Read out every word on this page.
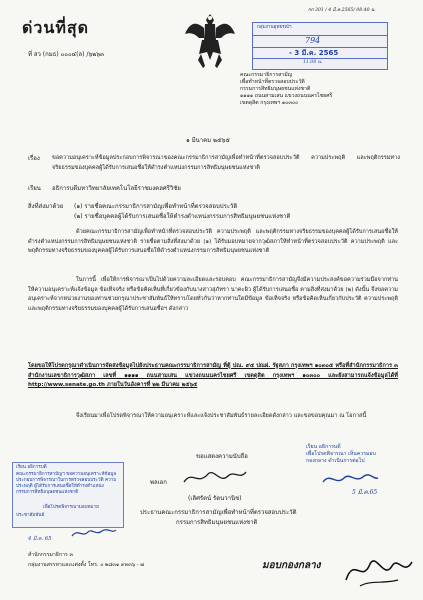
กก 301 / 4 มี.ค.2565/ 08.40 น.
ด่วนที่สุด
ที่ สว (กมธ) ๐๐๐๔(ล) /๖๒๖๓
กลุ่มงานอุทธรณ์ฯ
794
- 3 มี.ค. 2565
11.08 น.
คณะกรรมาธิการสามัญ
เพื่อทำหน้าที่ตรวจสอบประวัติ
กรรมการสิทธิมนุษยชนแห่งชาติ
๑๑๑๑ ถนนสามเสน แขวงถนนนครไชยศรี
เขตดุสิต กรุงเทพฯ ๑๐๓๐๐
๑ มีนาคม ๒๕๖๕
เรื่อง ขอความอนุเคราะห์ข้อมูลประกอบการพิจารณาของคณะกรรมาธิการสามัญเพื่อทำหน้าที่ตรวจสอบประวัติ ความประพฤติ และพฤติกรรมทางจริยธรรมของบุคคลผู้ได้รับการเสนอชื่อให้ดำรงตำแหน่งกรรมการสิทธิมนุษยชนแห่งชาติ
เรียน อธิการบดีมหาวิทยาลัยเทคโนโลยีราชมงคลศรีวิชัย
สิ่งที่ส่งมาด้วย (๑) รายชื่อคณะกรรมาธิการสามัญเพื่อทำหน้าที่ตรวจสอบประวัติ
(๒) รายชื่อบุคคลผู้ได้รับการเสนอชื่อให้ดำรงตำแหน่งกรรมการสิทธิมนุษยชนแห่งชาติ
ด้วยคณะกรรมาธิการสามัญเพื่อทำหน้าที่ตรวจสอบประวัติ ความประพฤติ และพฤติกรรมทางจริยธรรมของบุคคลผู้ได้รับการเสนอชื่อให้ดำรงตำแหน่งกรรมการสิทธิมนุษยชนแห่งชาติ รายชื่อตามสิ่งที่ส่งมาด้วย (๑) ได้รับมอบหมายจากวุฒิสภาให้ทำหน้าที่ตรวจสอบประวัติ ความประพฤติ และพฤติกรรมทางจริยธรรมของบุคคลผู้ได้รับการเสนอชื่อให้ดำรงตำแหน่งกรรมการสิทธิมนุษยชนแห่งชาติ
ในการนี้ เพื่อให้การพิจารณาเป็นไปด้วยความละเอียดและรอบคอบ คณะกรรมาธิการสามัญจึงมีความประสงค์ขอความร่วมมือจากท่านให้ความอนุเคราะห์แจ้งข้อมูล ข้อเท็จจริง หรือข้อคิดเห็นที่เกี่ยวข้องกับนางสาวสุภัทรา นาคะผิว ผู้ได้รับการเสนอชื่อ ตามสิ่งที่ส่งมาด้วย (๒) ดังนั้น จึงขอความอนุเคราะห์จากหน่วยงานของท่านช่วยกรุณาประชาสัมพันธ์ให้ทราบโดยทั่วกันว่าหากท่านใดมีข้อมูล ข้อเท็จจริง หรือข้อคิดเห็นเกี่ยวกับประวัติ ความประพฤติ และพฤติกรรมทางจริยธรรมของบุคคลผู้ได้รับการเสนอชื่อฯ ดังกล่าว
โดยขอให้โปรดกรุณาดำเนินการจัดส่งข้อมูลไปยังประธานคณะกรรมาธิการสามัญ ที่ตู้ ปณ. ๙๕ ปณฝ. รัฐสภา กรุงเทพฯ ๑๐๓๐๕ หรือที่สำนักกรรมาธิการ ๓ สำนักงานเลขาธิการวุฒิสภา เลขที่ ๑๑๑๑ ถนนสามเสน แขวงถนนนครไชยศรี เขตดุสิต กรุงเทพฯ ๑๐๓๐๐ และยังสามารถแจ้งข้อมูลได้ที่ http://www.senate.go.th ภายในวันอังคารที่ ๒๒ มีนาคม ๒๕๖๕
จึงเรียนมาเพื่อโปรดพิจารณาให้ความอนุเคราะห์และแจ้งประชาสัมพันธ์รายละเอียดดังกล่าว และขอขอบคุณมา ณ โอกาสนี้
เรียน อธิการบดี
คณะกรรมาธิการสามัญฯ ขอความอนุเคราะห์ข้อมูลประกอบการพิจารณาในการตรวจสอบประวัติ ความประพฤติ ผู้ได้รับการเสนอชื่อให้ดำรงตำแหน่งกรรมการสิทธิมนุษยชนแห่งชาติ
เพื่อโปรดพิจารณามอบหมาย
ประชาสัมพันธ์
4 มี.ค. 65
เรียน อธิการบดี
เพื่อโปรดพิจารณา เห็นควรมอบ
กองกลาง ดำเนินการต่อไป
5 มี.ค.65
ขอแสดงความนับถือ
พลเอก
(เลิศรัตน์ รัตนวานิช)
ประธานคณะกรรมาธิการสามัญเพื่อทำหน้าที่ตรวจสอบประวัติ
กรรมการสิทธิมนุษยชนแห่งชาติ
สำนักกรรมาธิการ ๓
กลุ่มงานสรรหาและแต่งตั้ง โทร. ๐ ๒๘๓๑ ๙๓๓๖ - ๗	มอบกองกลาง
